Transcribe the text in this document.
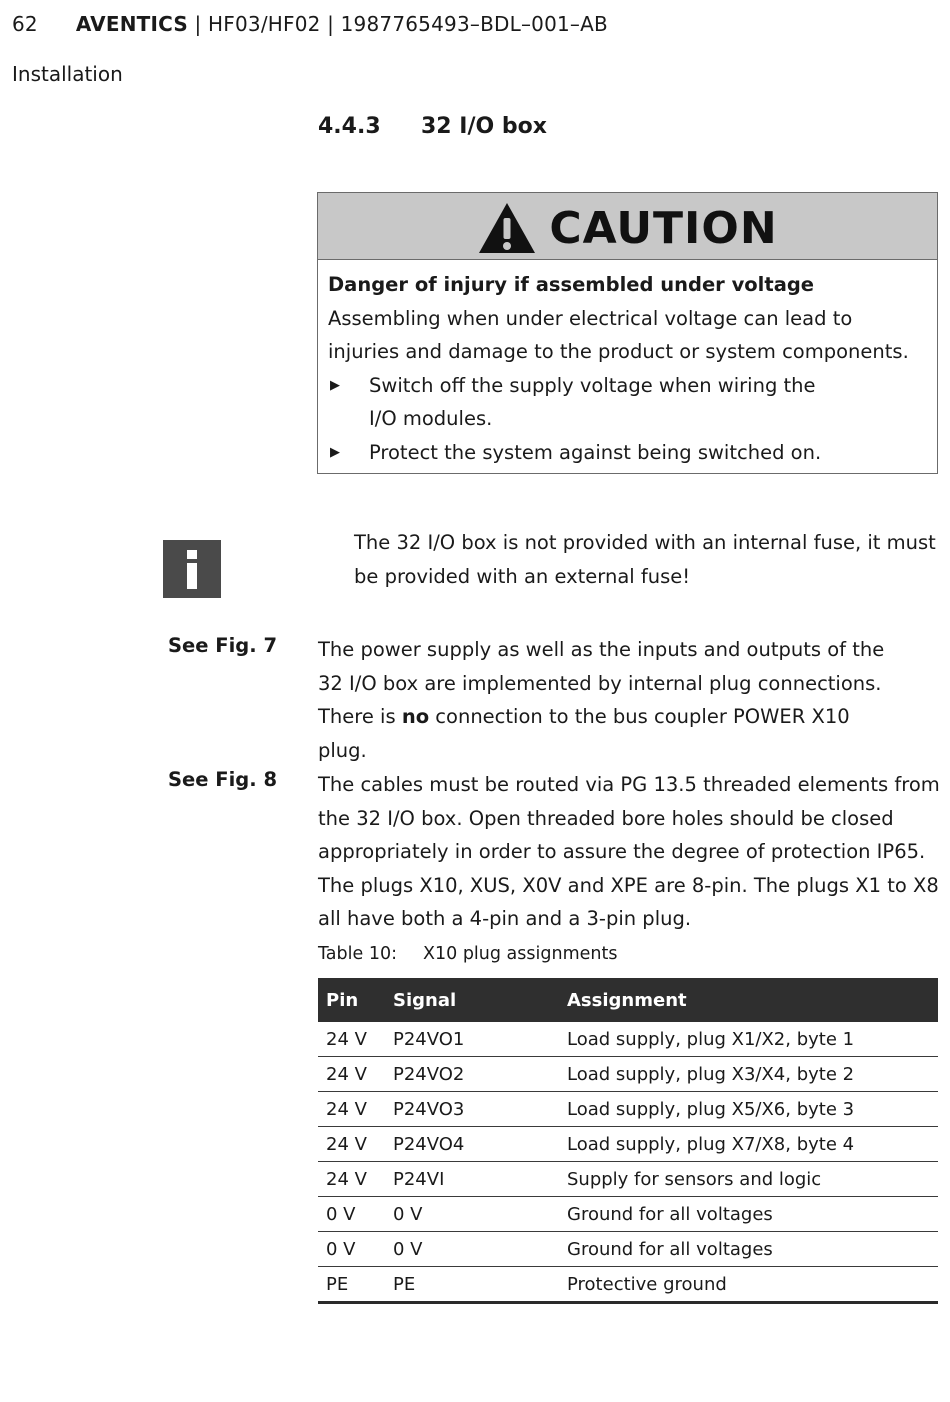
62 AVENTICS | HF03/HF02 | 1987765493–BDL–001–AB
Installation
4.4.3 32 I/O box
CAUTION
Danger of injury if assembled under voltage
Assembling when under electrical voltage can lead to injuries and damage to the product or system components.
▶ Switch off the supply voltage when wiring the I/O modules.
▶ Protect the system against being switched on.
The 32 I/O box is not provided with an internal fuse, it must be provided with an external fuse!
See Fig. 7 The power supply as well as the inputs and outputs of the 32 I/O box are implemented by internal plug connections. There is no connection to the bus coupler POWER X10 plug.
See Fig. 8 The cables must be routed via PG 13.5 threaded elements from the 32 I/O box. Open threaded bore holes should be closed appropriately in order to assure the degree of protection IP65. The plugs X10, XUS, X0V and XPE are 8-pin. The plugs X1 to X8 all have both a 4-pin and a 3-pin plug.
Table 10: X10 plug assignments
Pin	Signal	Assignment
24 V	P24VO1	Load supply, plug X1/X2, byte 1
24 V	P24VO2	Load supply, plug X3/X4, byte 2
24 V	P24VO3	Load supply, plug X5/X6, byte 3
24 V	P24VO4	Load supply, plug X7/X8, byte 4
24 V	P24VI	Supply for sensors and logic
0 V	0 V	Ground for all voltages
0 V	0 V	Ground for all voltages
PE	PE	Protective ground
